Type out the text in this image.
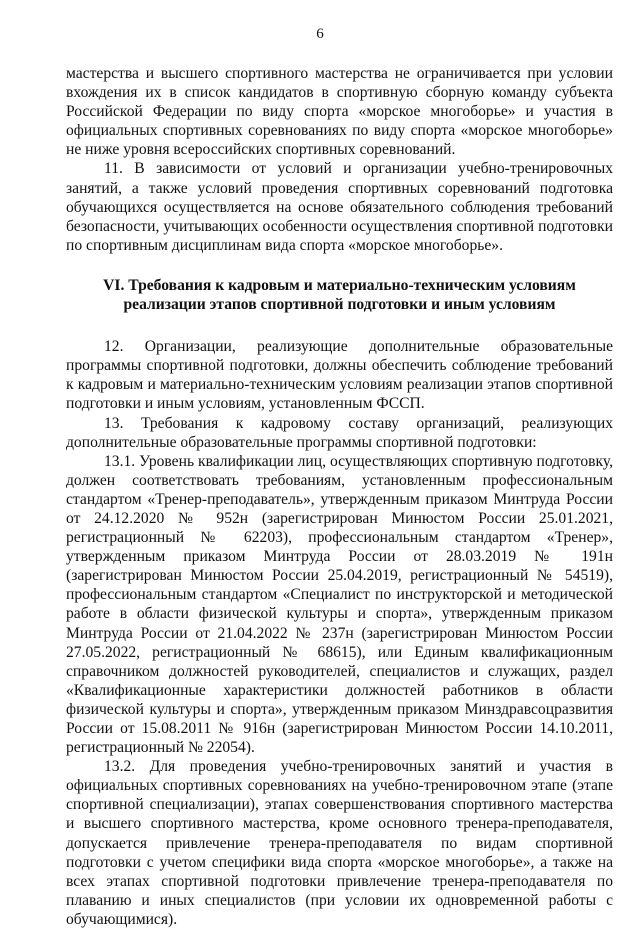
6

мастерства и высшего спортивного мастерства не ограничивается при условии вхождения их в список кандидатов в спортивную сборную команду субъекта Российской Федерации по виду спорта «морское многоборье» и участия в официальных спортивных соревнованиях по виду спорта «морское многоборье» не ниже уровня всероссийских спортивных соревнований.

11. В зависимости от условий и организации учебно-тренировочных занятий, а также условий проведения спортивных соревнований подготовка обучающихся осуществляется на основе обязательного соблюдения требований безопасности, учитывающих особенности осуществления спортивной подготовки по спортивным дисциплинам вида спорта «морское многоборье».

VI. Требования к кадровым и материально-техническим условиям
реализации этапов спортивной подготовки и иным условиям

12. Организации, реализующие дополнительные образовательные программы спортивной подготовки, должны обеспечить соблюдение требований к кадровым и материально-техническим условиям реализации этапов спортивной подготовки и иным условиям, установленным ФССП.

13. Требования к кадровому составу организаций, реализующих дополнительные образовательные программы спортивной подготовки:

13.1. Уровень квалификации лиц, осуществляющих спортивную подготовку, должен соответствовать требованиям, установленным профессиональным стандартом «Тренер-преподаватель», утвержденным приказом Минтруда России от 24.12.2020 № 952н (зарегистрирован Минюстом России 25.01.2021, регистрационный № 62203), профессиональным стандартом «Тренер», утвержденным приказом Минтруда России от 28.03.2019 № 191н (зарегистрирован Минюстом России 25.04.2019, регистрационный № 54519), профессиональным стандартом «Специалист по инструкторской и методической работе в области физической культуры и спорта», утвержденным приказом Минтруда России от 21.04.2022 № 237н (зарегистрирован Минюстом России 27.05.2022, регистрационный № 68615), или Единым квалификационным справочником должностей руководителей, специалистов и служащих, раздел «Квалификационные характеристики должностей работников в области физической культуры и спорта», утвержденным приказом Минздравсоцразвития России от 15.08.2011 № 916н (зарегистрирован Минюстом России 14.10.2011, регистрационный № 22054).

13.2. Для проведения учебно-тренировочных занятий и участия в официальных спортивных соревнованиях на учебно-тренировочном этапе (этапе спортивной специализации), этапах совершенствования спортивного мастерства и высшего спортивного мастерства, кроме основного тренера-преподавателя, допускается привлечение тренера-преподавателя по видам спортивной подготовки с учетом специфики вида спорта «морское многоборье», а также на всех этапах спортивной подготовки привлечение тренера-преподавателя по плаванию и иных специалистов (при условии их одновременной работы с обучающимися).
